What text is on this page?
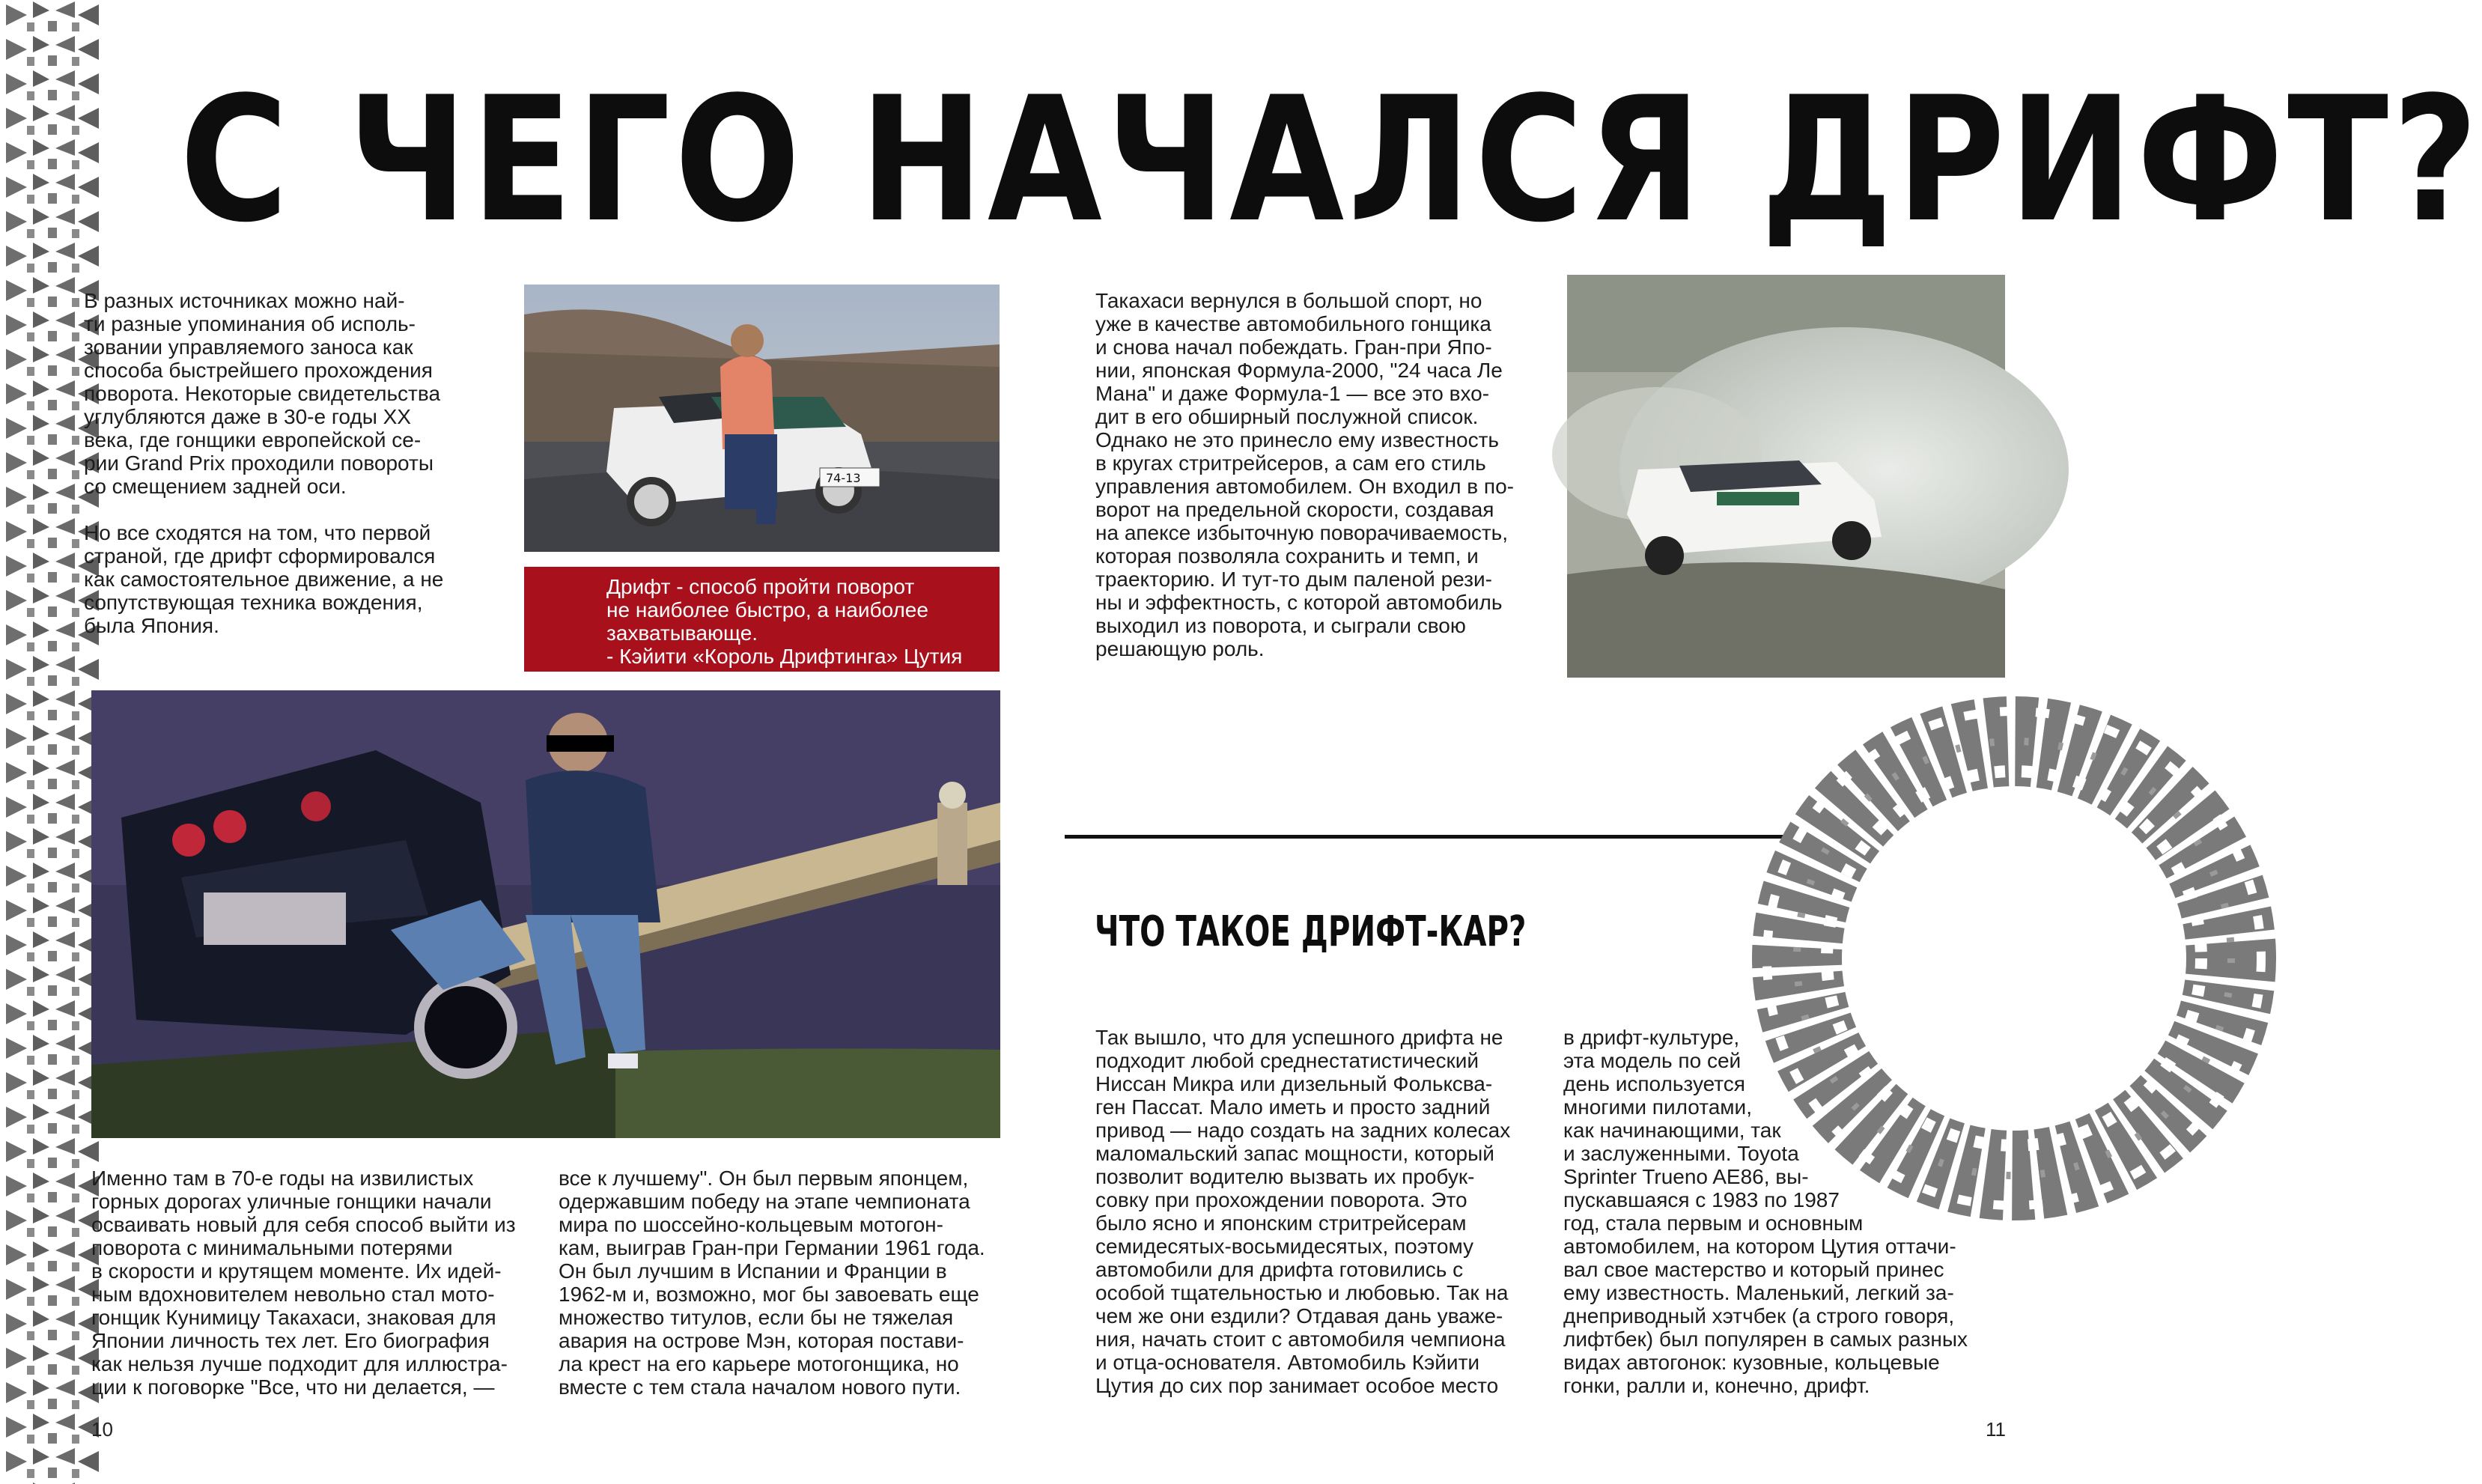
С ЧЕГО НАЧАЛСЯ ДРИФТ?
В разных источниках можно най-
ти разные упоминания об исполь-
зовании управляемого заноса как
способа быстрейшего прохождения
поворота. Некоторые свидетельства
углубляются даже в 30-е годы XX
века, где гонщики европейской се-
рии Grand Prix проходили повороты
со смещением задней оси.

Но все сходятся на том, что первой
страной, где дрифт сформировался
как самостоятельное движение, а не
сопутствующая техника вождения,
была Япония.
74-13
Дрифт - способ пройти поворот
не наиболее быстро, а наиболее
захватывающе.
- Кэйити «Король Дрифтинга» Цутия
Такахаси вернулся в большой спорт, но
уже в качестве автомобильного гонщика
и снова начал побеждать. Гран-при Япо-
нии, японская Формула-2000, "24 часа Ле
Мана" и даже Формула-1 — все это вхо-
дит в его обширный послужной список.
Однако не это принесло ему известность
в кругах стритрейсеров, а сам его стиль
управления автомобилем. Он входил в по-
ворот на предельной скорости, создавая
на апексе избыточную поворачиваемость,
которая позволяла сохранить и темп, и
траекторию. И тут-то дым паленой рези-
ны и эффектность, с которой автомобиль
выходил из поворота, и сыграли свою
решающую роль.
Именно там в 70-е годы на извилистых
горных дорогах уличные гонщики начали
осваивать новый для себя способ выйти из
поворота с минимальными потерями
в скорости и крутящем моменте. Их идей-
ным вдохновителем невольно стал мото-
гонщик Кунимицу Такахаси, знаковая для
Японии личность тех лет. Его биография
как нельзя лучше подходит для иллюстра-
ции к поговорке "Все, что ни делается, —
все к лучшему". Он был первым японцем,
одержавшим победу на этапе чемпионата
мира по шоссейно-кольцевым мотогон-
кам, выиграв Гран-при Германии 1961 года.
Он был лучшим в Испании и Франции в
1962-м и, возможно, мог бы завоевать еще
множество титулов, если бы не тяжелая
авария на острове Мэн, которая постави-
ла крест на его карьере мотогонщика, но
вместе с тем стала началом нового пути.
ЧТО ТАКОЕ ДРИФТ-КАР?
Так вышло, что для успешного дрифта не
подходит любой среднестатистический
Ниссан Микра или дизельный Фолькcва-
ген Пассат. Мало иметь и просто задний
привод — надо создать на задних колесах
маломальский запас мощности, который
позволит водителю вызвать их пробук-
совку при прохождении поворота. Это
было ясно и японским стритрейсерам
семидесятых-восьмидесятых, поэтому
автомобили для дрифта готовились с
особой тщательностью и любовью. Так на
чем же они ездили? Отдавая дань уваже-
ния, начать стоит с автомобиля чемпиона
и отца-основателя. Автомобиль Кэйити
Цутия до сих пор занимает особое место
в дрифт-культуре,
эта модель по сей
день используется
многими пилотами,
как начинающими, так
и заслуженными. Toyota
Sprinter Trueno AE86, вы-
пускавшаяся с 1983 по 1987
год, стала первым и основным
автомобилем, на котором Цутия оттачи-
вал свое мастерство и который принес
ему известность. Маленький, легкий за-
днеприводный хэтчбек (а строго говоря,
лифтбек) был популярен в самых разных
видах автогонок: кузовные, кольцевые
гонки, ралли и, конечно, дрифт.
10	11
